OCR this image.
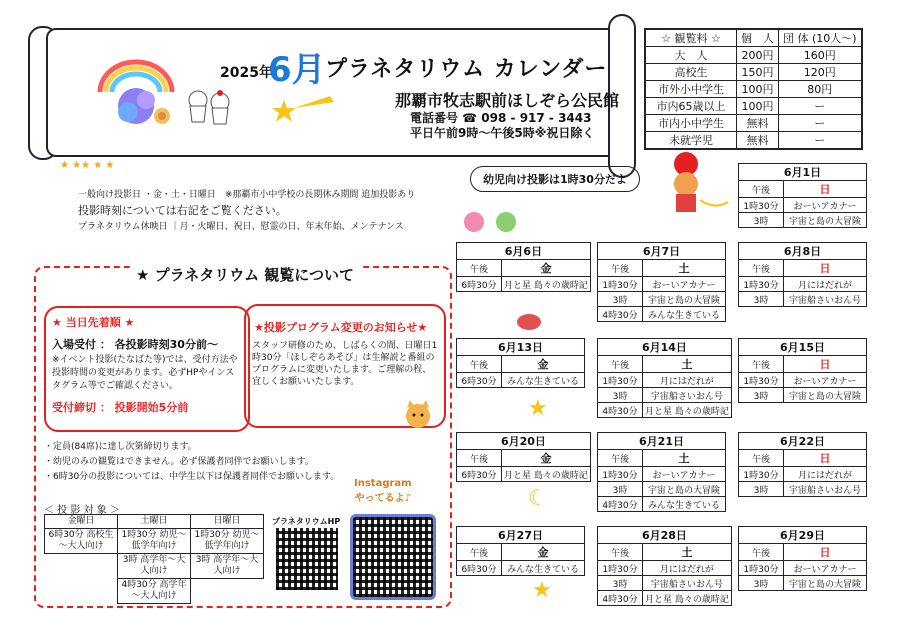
2025年
6月 プラネタリウム カレンダー
那覇市牧志駅前ほしぞら公民館
電話番号 ☎ 098 - 917 - 3443
平日午前9時～午後5時※祝日除く
☆ 観覧料 ☆	個　人	団 体 (10人～)
大　人	200円	160円
高校生	150円	120円
市外小中学生	100円	80円
市内65歳以上	100円	ー
市内小中学生	無料	ー
未就学児	無料	ー
★ ★★ ★ ★
一般向け投影日 ・金・土・日曜日　※那覇市小中学校の長期休み期間 追加投影あり
投影時刻については右記をご覧ください。
プラネタリウム休映日 ｜月・火曜日、祝日、慰霊の日、年末年始、メンテナンス
★ プラネタリウム 観覧について
★ 当日先着順 ★
入場受付 ： 各投影時刻30分前～
※イベント投影(たなばた等)では、受付方法や投影時間の変更があります。必ずHPやインスタグラム等でご確認ください。
受付締切 ： 投影開始5分前
★投影プログラム変更のお知らせ★
スタッフ研修のため、しばらくの間、日曜日1時30分「ほしぞらあそび」は生解説と番組のプログラムに変更いたします。ご理解の程、宜しくお願いいたします。
・定員(84席)に達し次第締切ります。
・幼児のみの観覧はできません。必ず保護者同伴でお願いします。
・6時30分の投影については、中学生以下は保護者同伴でお願いします。
＜ 投 影 対 象 ＞
金曜日	土曜日	日曜日
6時30分 高校生～大人向け	1時30分 幼児～低学年向け	1時30分 幼児～低学年向け
	3時 高学年～大人向け	3時 高学年～大人向け
	4時30分 高学年～大人向け	
プラネタリウムHP
Instagram
やってるよ♪
幼児向け投影は1時30分だよ
6月1日	
午後	日
1時30分	おーいアカナー
3時	宇宙と島の大冒険
6月6日	
午後	金
6時30分	月と星 島々の歳時記
6月7日	
午後	土
1時30分	おーいアカナー
3時	宇宙と島の大冒険
4時30分	みんな生きている
6月8日	
午後	日
1時30分	月にはだれが
3時	宇宙船さいおん号
6月13日	
午後	金
6時30分	みんな生きている
6月14日	
午後	土
1時30分	月にはだれが
3時	宇宙船さいおん号
4時30分	月と星 島々の歳時記
6月15日	
午後	日
1時30分	おーいアカナー
3時	宇宙と島の大冒険
6月20日	
午後	金
6時30分	月と星 島々の歳時記
6月21日	
午後	土
1時30分	おーいアカナー
3時	宇宙と島の大冒険
4時30分	みんな生きている
6月22日	
午後	日
1時30分	月にはだれが
3時	宇宙船さいおん号
6月27日	
午後	金
6時30分	みんな生きている
6月28日	
午後	土
1時30分	月にはだれが
3時	宇宙船さいおん号
4時30分	月と星 島々の歳時記
6月29日	
午後	日
1時30分	おーいアカナー
3時	宇宙と島の大冒険
★
☾
★
